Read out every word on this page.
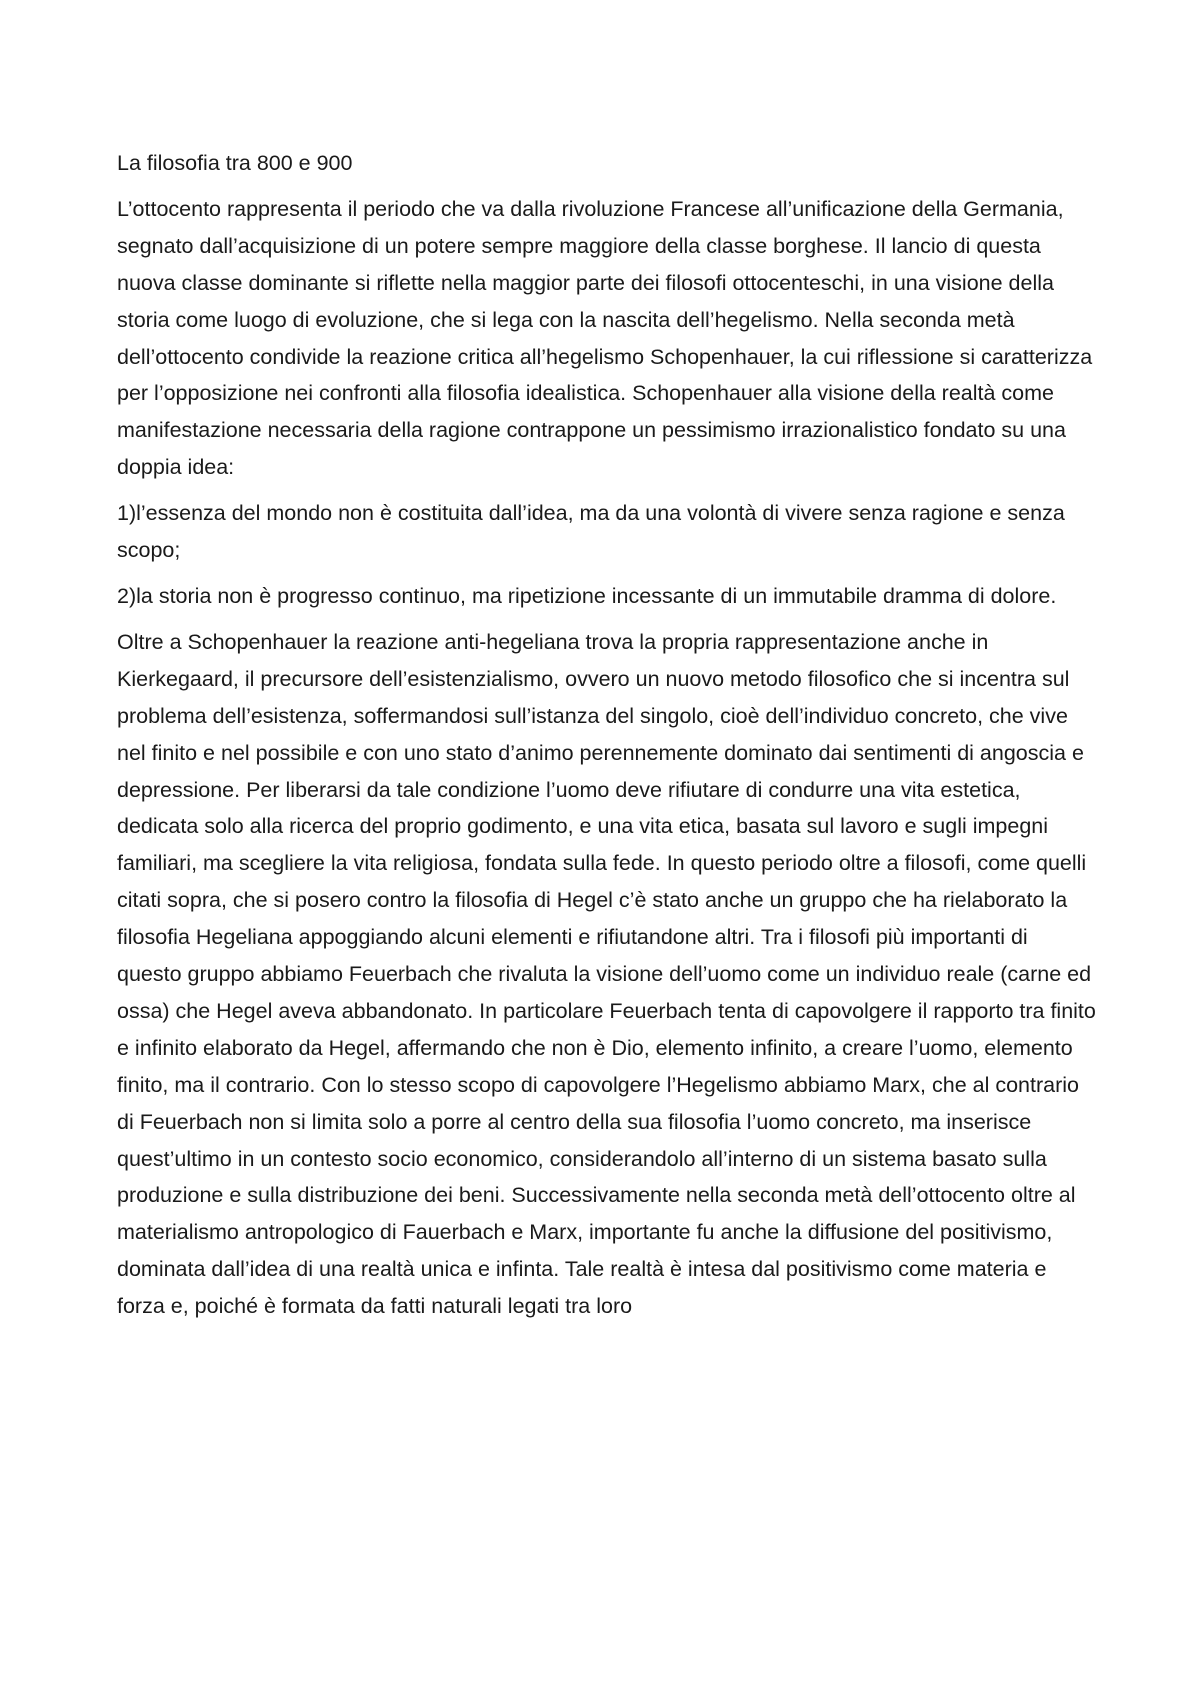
La filosofia tra 800 e 900

L’ottocento rappresenta il periodo che va dalla rivoluzione Francese all’unificazione della Germania, segnato dall’acquisizione di un potere sempre maggiore della classe borghese. Il lancio di questa nuova classe dominante si riflette nella maggior parte dei filosofi ottocenteschi, in una visione della storia come luogo di evoluzione, che si lega con la nascita dell’hegelismo. Nella seconda metà dell’ottocento condivide la reazione critica all’hegelismo Schopenhauer, la cui riflessione si caratterizza per l’opposizione nei confronti alla filosofia idealistica. Schopenhauer alla visione della realtà come manifestazione necessaria della ragione contrappone un pessimismo irrazionalistico fondato su una doppia idea:

1)l’essenza del mondo non è costituita dall’idea, ma da una volontà di vivere senza ragione e senza scopo;

2)la storia non è progresso continuo, ma ripetizione incessante di un immutabile dramma di dolore.

Oltre a Schopenhauer la reazione anti-hegeliana trova la propria rappresentazione anche in Kierkegaard, il precursore dell’esistenzialismo, ovvero un nuovo metodo filosofico che si incentra sul problema dell’esistenza, soffermandosi sull’istanza del singolo, cioè dell’individuo concreto, che vive nel finito e nel possibile e con uno stato d’animo perennemente dominato dai sentimenti di angoscia e depressione. Per liberarsi da tale condizione l’uomo deve rifiutare di condurre una vita estetica, dedicata solo alla ricerca del proprio godimento, e una vita etica, basata sul lavoro e sugli impegni familiari, ma scegliere la vita religiosa, fondata sulla fede. In questo periodo oltre a filosofi, come quelli citati sopra, che si posero contro la filosofia di Hegel c’è stato anche un gruppo che ha rielaborato la filosofia Hegeliana appoggiando alcuni elementi e rifiutandone altri. Tra i filosofi più importanti di questo gruppo abbiamo Feuerbach che rivaluta la visione dell’uomo come un individuo reale (carne ed ossa) che Hegel aveva abbandonato. In particolare Feuerbach tenta di capovolgere il rapporto tra finito e infinito elaborato da Hegel, affermando che non è Dio, elemento infinito, a creare l’uomo, elemento finito, ma il contrario. Con lo stesso scopo di capovolgere l’Hegelismo abbiamo Marx, che al contrario di Feuerbach non si limita solo a porre al centro della sua filosofia l’uomo concreto, ma inserisce quest’ultimo in un contesto socio economico, considerandolo all’interno di un sistema basato sulla produzione e sulla distribuzione dei beni. Successivamente nella seconda metà dell’ottocento oltre al materialismo antropologico di Fauerbach e Marx, importante fu anche la diffusione del positivismo, dominata dall’idea di una realtà unica e infinta. Tale realtà è intesa dal positivismo come materia e forza e, poiché è formata da fatti naturali legati tra loro
